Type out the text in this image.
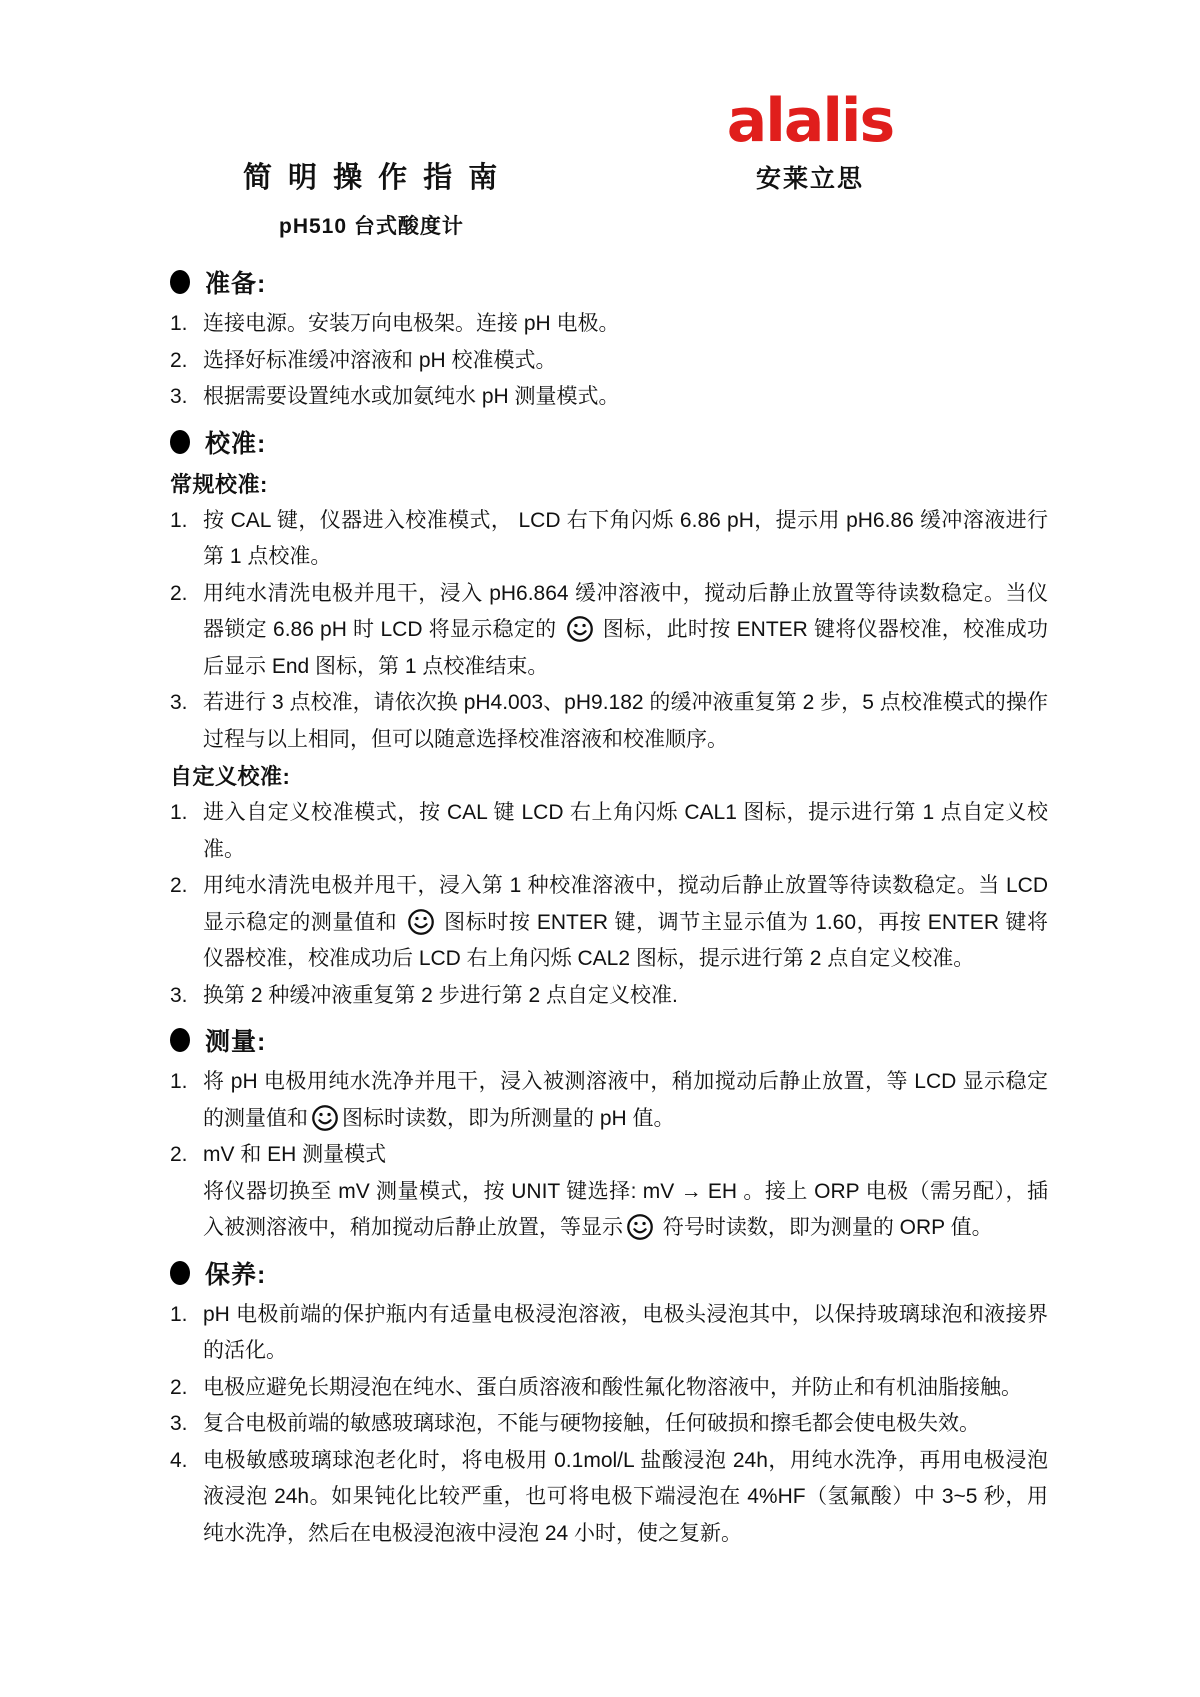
简 明 操 作 指 南
alalis
安莱立思
pH510 台式酸度计
准备:
1. 连接电源。安装万向电极架。连接 pH 电极。
2. 选择好标准缓冲溶液和 pH 校准模式。
3. 根据需要设置纯水或加氨纯水 pH 测量模式。
校准:
常规校准:
1. 按 CAL 键，仪器进入校准模式， LCD 右下角闪烁 6.86 pH，提示用 pH6.86 缓冲溶液进行第 1 点校准。
2. 用纯水清洗电极并甩干，浸入 pH6.864 缓冲溶液中，搅动后静止放置等待读数稳定。当仪器锁定 6.86 pH 时 LCD 将显示稳定的  图标，此时按 ENTER 键将仪器校准，校准成功后显示 End 图标，第 1 点校准结束。
3. 若进行 3 点校准，请依次换 pH4.003、pH9.182 的缓冲液重复第 2 步，5 点校准模式的操作过程与以上相同，但可以随意选择校准溶液和校准顺序。
自定义校准:
1. 进入自定义校准模式，按 CAL 键 LCD 右上角闪烁 CAL1 图标，提示进行第 1 点自定义校准。
2. 用纯水清洗电极并甩干，浸入第 1 种校准溶液中，搅动后静止放置等待读数稳定。当 LCD 显示稳定的测量值和  图标时按 ENTER 键，调节主显示值为 1.60，再按 ENTER 键将仪器校准，校准成功后 LCD 右上角闪烁 CAL2 图标，提示进行第 2 点自定义校准。
3. 换第 2 种缓冲液重复第 2 步进行第 2 点自定义校准.
测量:
1. 将 pH 电极用纯水洗净并甩干，浸入被测溶液中，稍加搅动后静止放置，等 LCD 显示稳定的测量值和 图标时读数，即为所测量的 pH 值。
2. mV 和 EH 测量模式
将仪器切换至 mV 测量模式，按 UNIT 键选择: mV → EH 。接上 ORP 电极（需另配），插入被测溶液中，稍加搅动后静止放置，等显示 符号时读数，即为测量的 ORP 值。
保养:
1. pH 电极前端的保护瓶内有适量电极浸泡溶液，电极头浸泡其中，以保持玻璃球泡和液接界的活化。
2. 电极应避免长期浸泡在纯水、蛋白质溶液和酸性氟化物溶液中，并防止和有机油脂接触。
3. 复合电极前端的敏感玻璃球泡，不能与硬物接触，任何破损和擦毛都会使电极失效。
4. 电极敏感玻璃球泡老化时，将电极用 0.1mol/L 盐酸浸泡 24h，用纯水洗净，再用电极浸泡液浸泡 24h。如果钝化比较严重，也可将电极下端浸泡在 4%HF（氢氟酸）中 3~5 秒，用纯水洗净，然后在电极浸泡液中浸泡 24 小时，使之复新。
